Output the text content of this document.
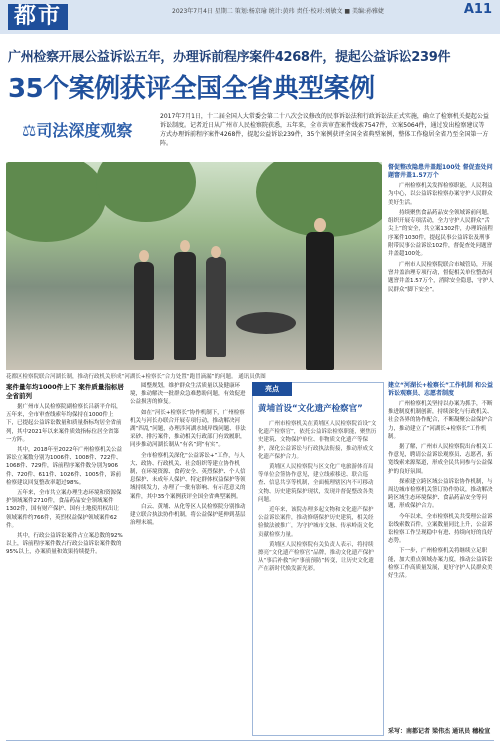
都市	2023年7月4日 星期二 策划:杨京瑜 统计:黄玮 责任·校对:刘敏文 ■ 美编:孙雅婕	A11
广州检察开展公益诉讼五年，办理诉前程序案件4268件，提起公益诉讼239件
35个案例获评全国全省典型案例
⚖司法深度观察
2017年7月1日，十二届全国人大常委会第二十八次会议修改的民事诉讼法和行政诉讼法正式实施，确立了检察机关提起公益诉讼制度。记者近日从广州市人民检察院获悉，五年来，全市共审查案件线索7547件，立案5064件，通过发出检察建议等方式办理诉前程序案件4268件，提起公益诉讼239件，35个案例获评全国全省典型案例，整体工作稳居全省乃至全国第一方阵。
花都区检察院联合河湖长制，推动行政机关形成“河湖长+检察长”合力处置“跑冒滴漏”的问题。 通讯员供图
督促整改隐患井盖超100处 督促查处问题窨井盖1.57万个

广州检察机关发挥检察职能，人民利益为中心，以公益诉讼检察办案守护人民群众美好生活。

持续聚焦食品药品安全领域诉前问题，组织开展专项活动，全力守护人民群众“舌尖上”的安全，共立案1302件，办理诉前程序案件1030件，提起民事公益诉讼及刑事附带民事公益诉讼102件，督促查处问题窨井盖超100处。

广州市人民检察院联合市城管局，开展窨井盖治理专项行动，督促相关单位整改问题窨井盖1.57万个，消除安全隐患，守护人民群众“脚下安全”。

案件量年均1000件上下 案件质量指标居全省前列

据广州市人民检察院副检察长吕新平介绍，五年来，全市审查线索年均保持在1000件上下，已提起公益诉讼数量和质量指标均居全省前列，其中2021年以来案件质效指标位居全省第一方阵。

其中，2018年至2022年广州检察机关公益诉讼立案数分别为1006件、1008件、722件、1068件、729件，诉前程序案件数分别为906件、720件、611件、1026件、1005件，诉前检察建议回复整改率超过98%。

五年来，全市共立案办理生态环境和资源保护领域案件2710件，食品药品安全领域案件1302件，国有财产保护、国有土地使用权出让领域案件约766件，英烈权益保护领域案件62件。

其中，行政公益诉讼案件占立案总数的92%以上，诉前程序案件数占行政公益诉讼案件数的95%以上，办案质量和效果持续提升。

圆整规划，维护群众生活质量以及健康环境，推动解决一批群众急难愁盼问题，有效促进公益损害的修复。

如在“河长+检察长”协作机制下，广州检察机关与河长办联合开展专项行动，推动解决河湖“四乱”问题，办理涉河湖水域岸线问题、非法采砂、排污案件，推动相关行政部门有效履职，同步推动河湖长制从“有名”到“有实”。

全市检察机关深化“公益诉讼+”工作，与人大、政协、行政机关、社会组织等建立协作机制，在环境资源、食药安全、英烈保护、个人信息保护、未成年人保护、特定群体权益保护等领域持续发力，办理了一批有影响、有示范意义的案件，其中35个案例获评全国全省典型案例。

白云、黄埔、从化等区人民检察院分别推动建立联合执法协作机制，将公益保护延伸到基层治理末端。

亮点
黄埔首设“文化遗产检察官”

广州市检察机关在黄埔区人民检察院首设“文化遗产检察官”，依托公益诉讼检察职能，聚焦历史建筑、文物保护单位、非物质文化遗产等保护，深化公益诉讼与行政执法衔接，推动形成文化遗产保护合力。

黄埔区人民检察院与区文化广电旅游体育局等单位会签协作意见，建立线索移送、联合巡查、信息共享等机制，全面梳理辖区内不可移动文物、历史建筑保护现状，发现并督促整改各类问题。

近年来，该院办理多起文物和文化遗产保护公益诉讼案件，推动修缮保护历史建筑，相关经验做法被推广，为守护城市文脉、传承岭南文化贡献检察力量。

黄埔区人民检察院有关负责人表示，将持续擦亮“文化遗产检察官”品牌，推动文化遗产保护从“事后补救”向“事前预防”转变，让历史文化遗产在新时代焕发新光彩。

建立“河湖长+检察长”工作机制 和公益诉讼观察员、志愿者制度

广州检察机关坚持以办案为抓手，不断推进制度机制创新，持续深化与行政机关、社会各界的协作配合，不断凝聚公益保护合力，推动建立了“河湖长+检察长”工作机制。

据了解，广州市人民检察院出台相关工作意见，聘请公益诉讼观察员、志愿者，拓宽线索来源渠道，形成全民共同参与公益保护的良好氛围。

探索建立跨区域公益诉讼协作机制，与周边城市检察机关签订协作协议，推动解决跨区域生态环境保护、食品药品安全等问题，形成保护合力。

今年以来，全市检察机关共受理公益诉讼线索数百件，立案数量同比上升，公益诉讼检察工作呈现稳中有进、持续向好的良好态势。

下一步，广州检察机关将继续立足职能，加大重点领域办案力度，推动公益诉讼检察工作高质量发展，更好守护人民群众美好生活。

采写：南都记者 梁伟杰 通讯员 穗检宣
